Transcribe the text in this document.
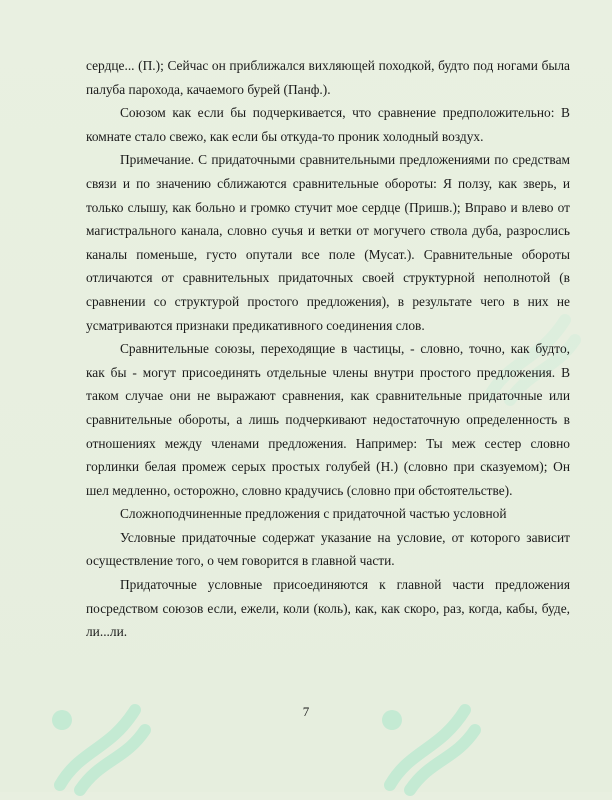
сердце... (П.); Сейчас он приближался вихляющей походкой, будто под ногами была палуба парохода, качаемого бурей (Панф.).

Союзом как если бы подчеркивается, что сравнение предположительно: В комнате стало свежо, как если бы откуда-то проник холодный воздух.

Примечание. С придаточными сравнительными предложениями по средствам связи и по значению сближаются сравнительные обороты: Я ползу, как зверь, и только слышу, как больно и громко стучит мое сердце (Пришв.); Вправо и влево от магистрального канала, словно сучья и ветки от могучего ствола дуба, разрослись каналы поменьше, густо опутали все поле (Мусат.). Сравнительные обороты отличаются от сравнительных придаточных своей структурной неполнотой (в сравнении со структурой простого предложения), в результате чего в них не усматриваются признаки предикативного соединения слов.

Сравнительные союзы, переходящие в частицы, - словно, точно, как будто, как бы - могут присоединять отдельные члены внутри простого предложения. В таком случае они не выражают сравнения, как сравнительные придаточные или сравнительные обороты, а лишь подчеркивают недостаточную определенность в отношениях между членами предложения. Например: Ты меж сестер словно горлинки белая промеж серых простых голубей (Н.) (словно при сказуемом); Он шел медленно, осторожно, словно крадучись (словно при обстоятельстве).

Сложноподчиненные предложения с придаточной частью условной

Условные придаточные содержат указание на условие, от которого зависит осуществление того, о чем говорится в главной части.

Придаточные условные присоединяются к главной части предложения посредством союзов если, ежели, коли (коль), как, как скоро, раз, когда, кабы, буде, ли...ли.

7
